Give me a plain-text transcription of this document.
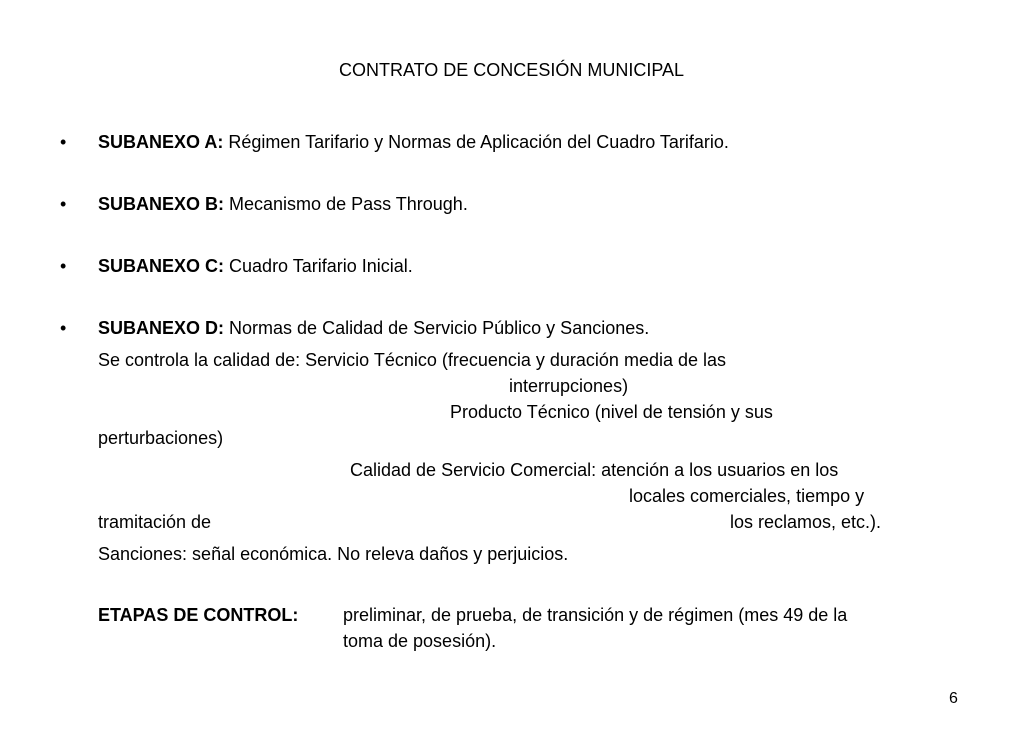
CONTRATO DE CONCESIÓN MUNICIPAL
• SUBANEXO A: Régimen Tarifario y Normas de Aplicación del Cuadro Tarifario.
• SUBANEXO B: Mecanismo de Pass Through.
• SUBANEXO C: Cuadro Tarifario Inicial.
• SUBANEXO D: Normas de Calidad de Servicio Público y Sanciones.
Se controla la calidad de: Servicio Técnico (frecuencia y duración media de las
interrupciones)
Producto Técnico (nivel de tensión y sus
perturbaciones)
Calidad de Servicio Comercial: atención a los usuarios en los
locales comerciales, tiempo y
tramitación de	los reclamos, etc.).
Sanciones: señal económica. No releva daños y perjuicios.
ETAPAS DE CONTROL: preliminar, de prueba, de transición y de régimen (mes 49 de la
toma de posesión).
6
